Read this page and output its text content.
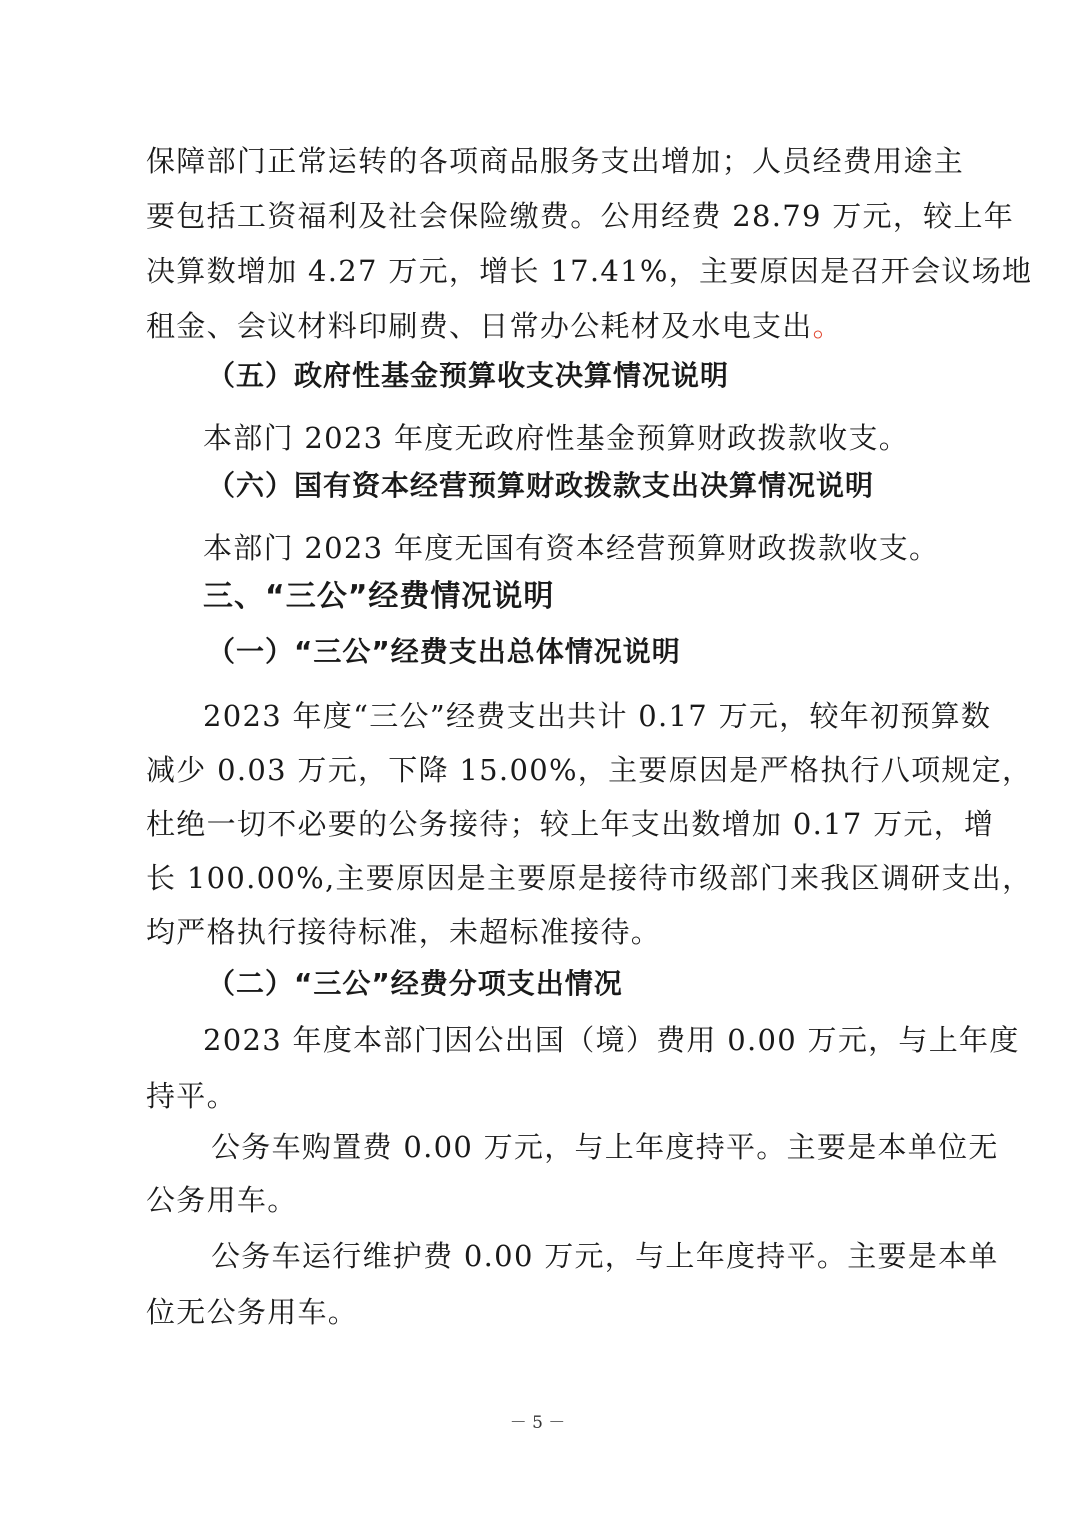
保障部门正常运转的各项商品服务支出增加；人员经费用途主
要包括工资福利及社会保险缴费。公用经费 28.79 万元，较上年
决算数增加 4.27 万元，增长 17.41%，主要原因是召开会议场地
租金、会议材料印刷费、日常办公耗材及水电支出。
（五）政府性基金预算收支决算情况说明
本部门 2023 年度无政府性基金预算财政拨款收支。
（六）国有资本经营预算财政拨款支出决算情况说明
本部门 2023 年度无国有资本经营预算财政拨款收支。
三、“三公”经费情况说明
（一）“三公”经费支出总体情况说明
2023 年度“三公”经费支出共计 0.17 万元，较年初预算数
减少 0.03 万元，下降 15.00%，主要原因是严格执行八项规定，
杜绝一切不必要的公务接待；较上年支出数增加 0.17 万元，增
长 100.00%,主要原因是主要原是接待市级部门来我区调研支出，
均严格执行接待标准，未超标准接待。
（二）“三公”经费分项支出情况
2023 年度本部门因公出国（境）费用 0.00 万元，与上年度
持平。
公务车购置费 0.00 万元，与上年度持平。主要是本单位无
公务用车。
公务车运行维护费 0.00 万元，与上年度持平。主要是本单
位无公务用车。
－ 5 －
